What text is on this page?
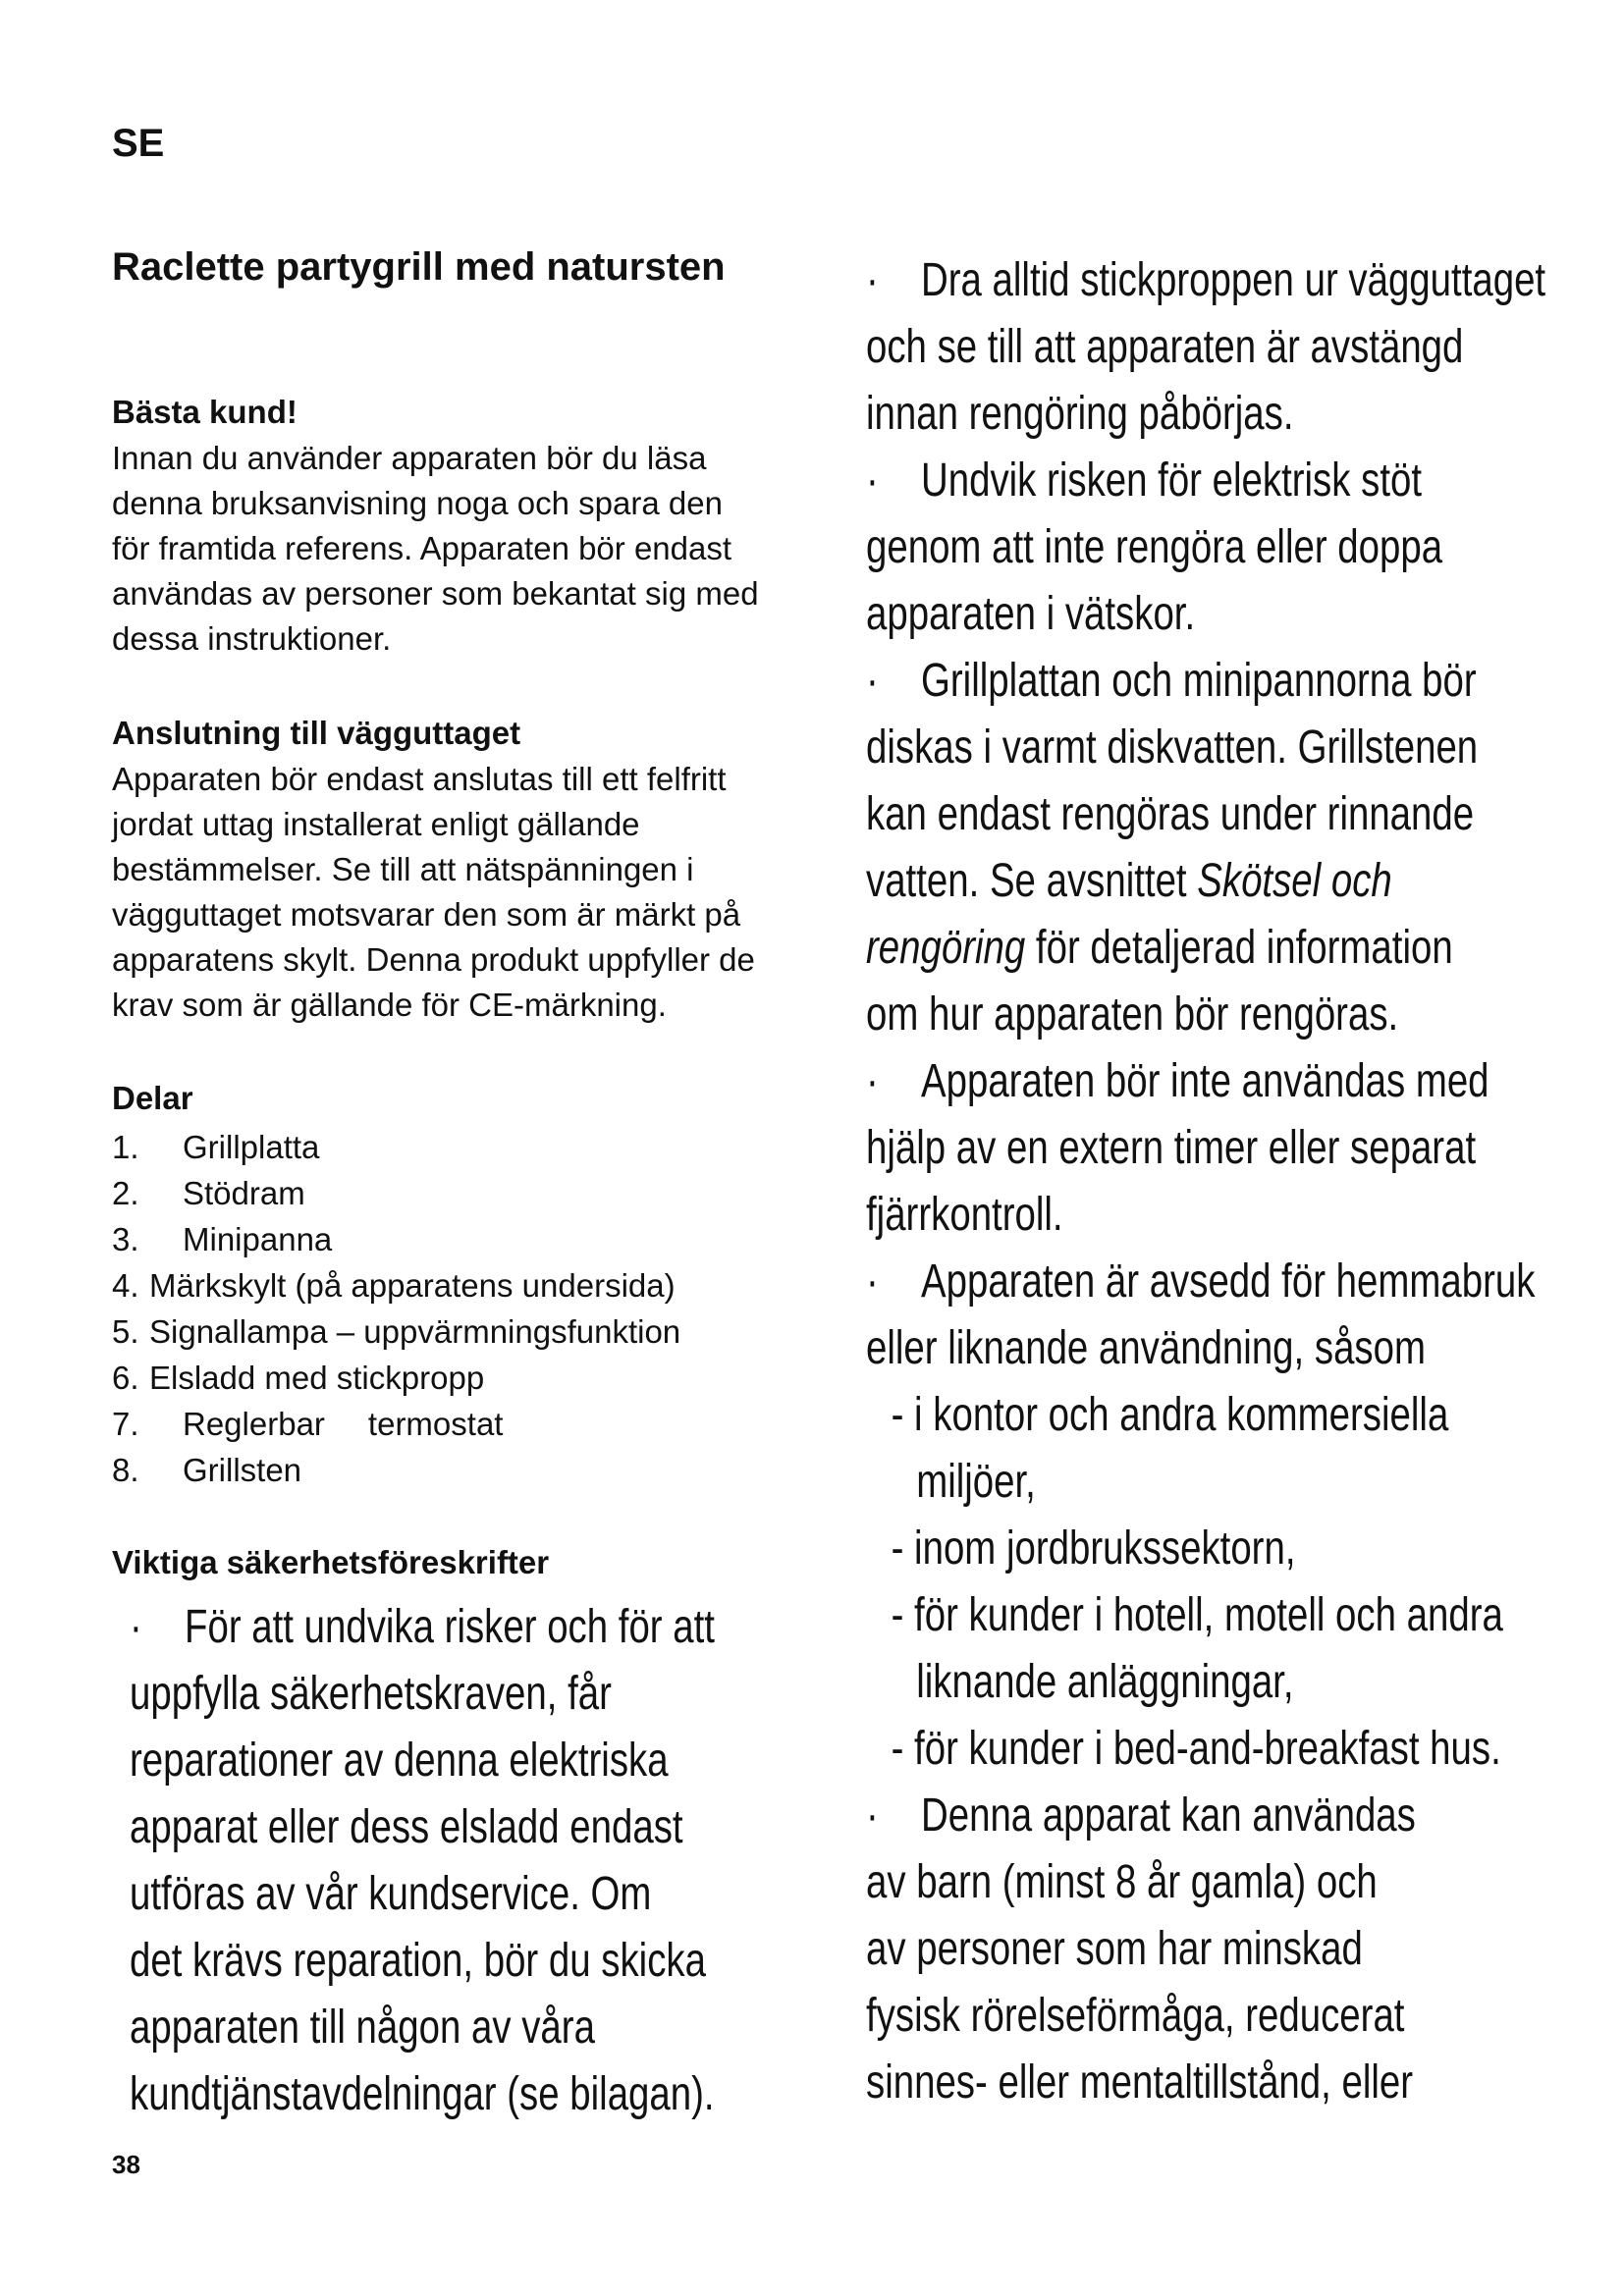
SE
Raclette partygrill med natursten
Bästa kund!
Innan du använder apparaten bör du läsa
denna bruksanvisning noga och spara den
för framtida referens. Apparaten bör endast
användas av personer som bekantat sig med
dessa instruktioner.
Anslutning till vägguttaget
Apparaten bör endast anslutas till ett felfritt
jordat uttag installerat enligt gällande
bestämmelser. Se till att nätspänningen i
vägguttaget motsvarar den som är märkt på
apparatens skylt. Denna produkt uppfyller de
krav som är gällande för CE-märkning.
Delar
1. Grillplatta
2. Stödram
3. Minipanna
4. Märkskylt (på apparatens undersida)
5. Signallampa – uppvärmningsfunktion
6. Elsladd med stickpropp
7. Reglerbar termostat
8. Grillsten
Viktiga säkerhetsföreskrifter
· För att undvika risker och för att
uppfylla säkerhetskraven, får
reparationer av denna elektriska
apparat eller dess elsladd endast
utföras av vår kundservice. Om
det krävs reparation, bör du skicka
apparaten till någon av våra
kundtjänstavdelningar (se bilagan).
· Dra alltid stickproppen ur vägguttaget
och se till att apparaten är avstängd
innan rengöring påbörjas.
· Undvik risken för elektrisk stöt
genom att inte rengöra eller doppa
apparaten i vätskor.
· Grillplattan och minipannorna bör
diskas i varmt diskvatten. Grillstenen
kan endast rengöras under rinnande
vatten. Se avsnittet Skötsel och
rengöring för detaljerad information
om hur apparaten bör rengöras.
· Apparaten bör inte användas med
hjälp av en extern timer eller separat
fjärrkontroll.
· Apparaten är avsedd för hemmabruk
eller liknande användning, såsom
- i kontor och andra kommersiella
miljöer,
- inom jordbrukssektorn,
- för kunder i hotell, motell och andra
liknande anläggningar,
- för kunder i bed-and-breakfast hus.
· Denna apparat kan användas
av barn (minst 8 år gamla) och
av personer som har minskad
fysisk rörelseförmåga, reducerat
sinnes- eller mentaltillstånd, eller
38
